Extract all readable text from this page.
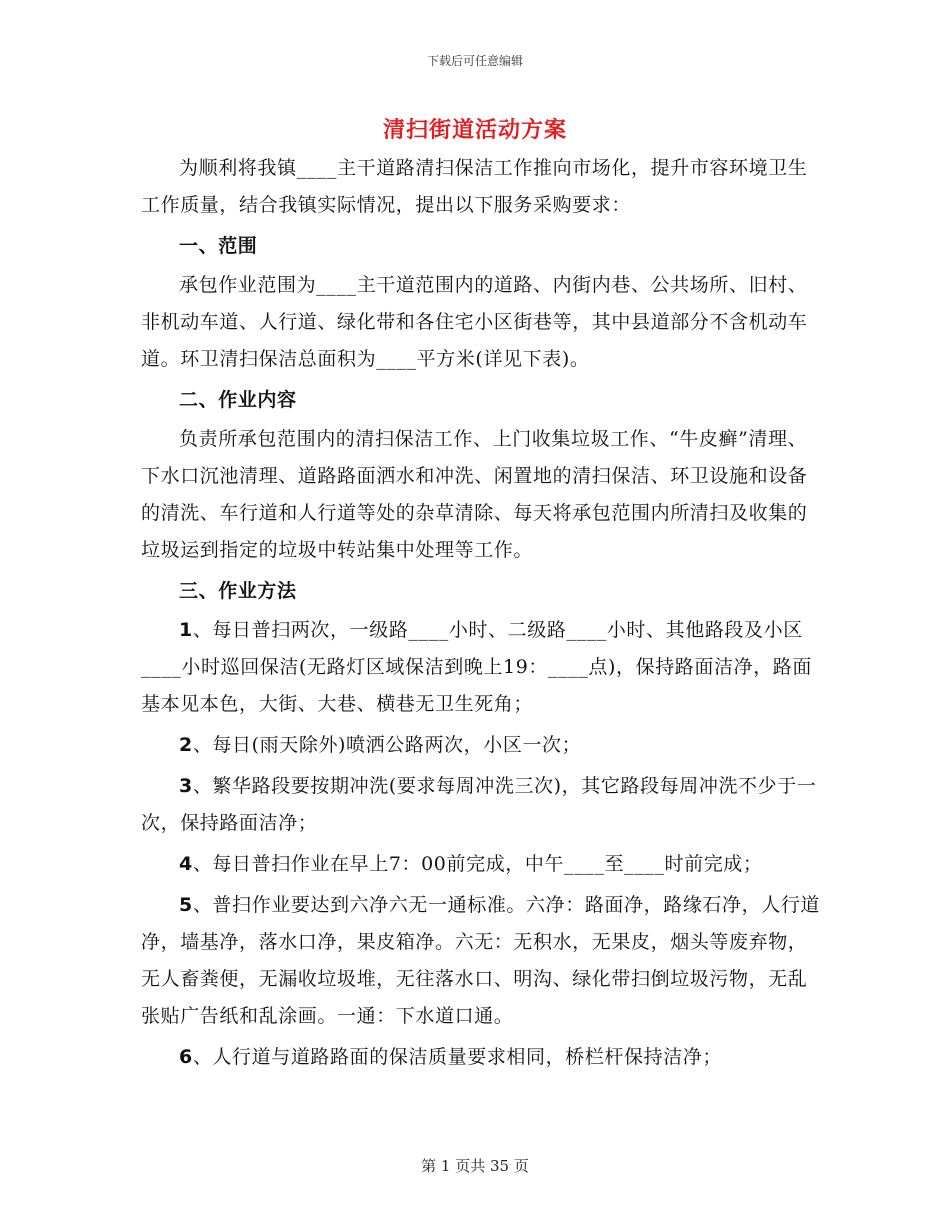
下载后可任意编辑
清扫街道活动方案

为顺利将我镇____主干道路清扫保洁工作推向市场化，提升市容环境卫生工作质量，结合我镇实际情况，提出以下服务采购要求：

一、范围

承包作业范围为____主干道范围内的道路、内街内巷、公共场所、旧村、非机动车道、人行道、绿化带和各住宅小区街巷等，其中县道部分不含机动车道。环卫清扫保洁总面积为____平方米(详见下表)。

二、作业内容

负责所承包范围内的清扫保洁工作、上门收集垃圾工作、“牛皮癣”清理、下水口沉池清理、道路路面洒水和冲洗、闲置地的清扫保洁、环卫设施和设备的清洗、车行道和人行道等处的杂草清除、每天将承包范围内所清扫及收集的垃圾运到指定的垃圾中转站集中处理等工作。

三、作业方法

1、每日普扫两次，一级路____小时、二级路____小时、其他路段及小区____小时巡回保洁(无路灯区域保洁到晚上19：____点)，保持路面洁净，路面基本见本色，大街、大巷、横巷无卫生死角；

2、每日(雨天除外)喷洒公路两次，小区一次；

3、繁华路段要按期冲洗(要求每周冲洗三次)，其它路段每周冲洗不少于一次，保持路面洁净；

4、每日普扫作业在早上7：00前完成，中午____至____时前完成；

5、普扫作业要达到六净六无一通标准。六净：路面净，路缘石净，人行道净，墙基净，落水口净，果皮箱净。六无：无积水，无果皮，烟头等废弃物，无人畜粪便，无漏收垃圾堆，无往落水口、明沟、绿化带扫倒垃圾污物，无乱张贴广告纸和乱涂画。一通：下水道口通。

6、人行道与道路路面的保洁质量要求相同，桥栏杆保持洁净；

第 1 页共 35 页
